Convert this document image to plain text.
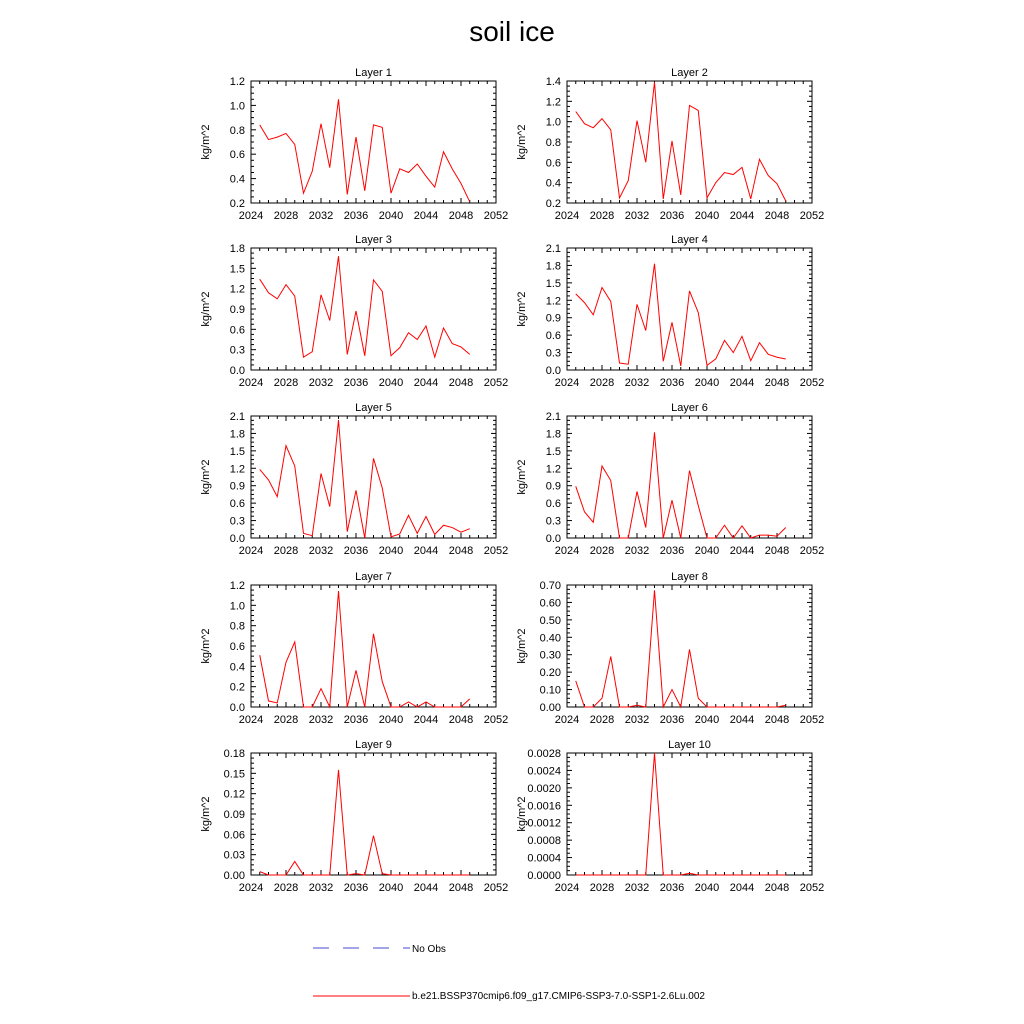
soil ice
Layer 1
kg/m^2
2024 2028 2032 2036 2040 2044 2048 2052
0.2
0.4
0.6
0.8
1.0
1.2
Layer 2
kg/m^2
2024 2028 2032 2036 2040 2044 2048 2052
0.2
0.4
0.6
0.8
1.0
1.2
1.4
Layer 3
kg/m^2
2024 2028 2032 2036 2040 2044 2048 2052
0.0
0.3
0.6
0.9
1.2
1.5
1.8
Layer 4
kg/m^2
2024 2028 2032 2036 2040 2044 2048 2052
0.0
0.3
0.6
0.9
1.2
1.5
1.8
2.1
Layer 5
kg/m^2
2024 2028 2032 2036 2040 2044 2048 2052
0.0
0.3
0.6
0.9
1.2
1.5
1.8
2.1
Layer 6
kg/m^2
2024 2028 2032 2036 2040 2044 2048 2052
0.0
0.3
0.6
0.9
1.2
1.5
1.8
2.1
Layer 7
kg/m^2
2024 2028 2032 2036 2040 2044 2048 2052
0.0
0.2
0.4
0.6
0.8
1.0
1.2
Layer 8
kg/m^2
2024 2028 2032 2036 2040 2044 2048 2052
0.00
0.10
0.20
0.30
0.40
0.50
0.60
0.70
Layer 9
kg/m^2
2024 2028 2032 2036 2040 2044 2048 2052
0.00
0.03
0.06
0.09
0.12
0.15
0.18
Layer 10
kg/m^2
2024 2028 2032 2036 2040 2044 2048 2052
0.0000
0.0004
0.0008
0.0012
0.0016
0.0020
0.0024
0.0028
No Obs
b.e21.BSSP370cmip6.f09_g17.CMIP6-SSP3-7.0-SSP1-2.6Lu.002
